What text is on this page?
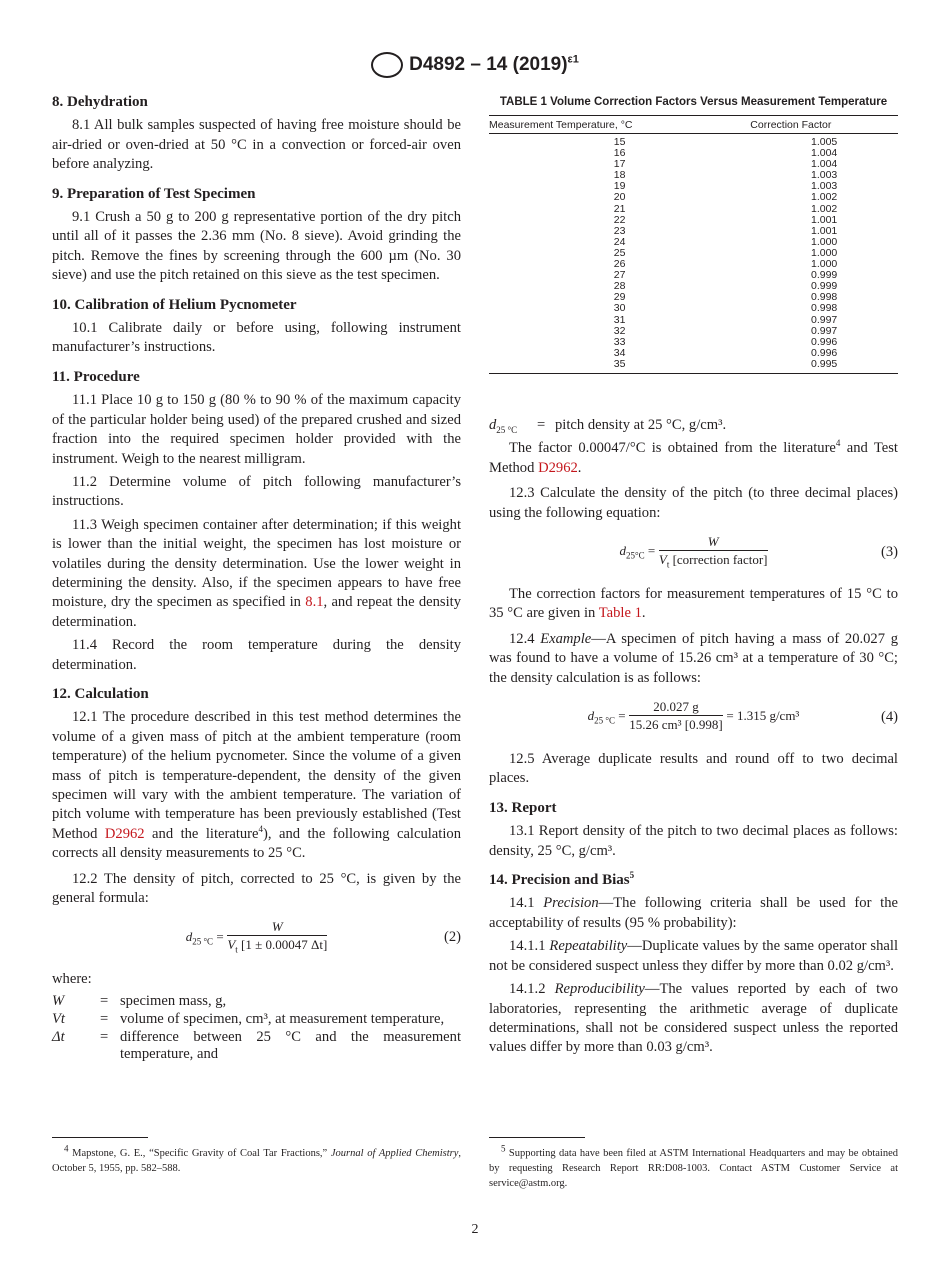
D4892 – 14 $(2019)^{\varepsilon 1}$
8. Dehydration

8.1 All bulk samples suspected of having free moisture should be air-dried or oven-dried at 50 °C in a convection or forced-air oven before analyzing.

9. Preparation of Test Specimen

9.1 Crush a 50 g to 200 g representative portion of the dry pitch until all of it passes the 2.36 mm (No. 8 sieve). Avoid grinding the pitch. Remove the fines by screening through the 600 µm (No. 30 sieve) and use the pitch retained on this sieve as the test specimen.

10. Calibration of Helium Pycnometer

10.1 Calibrate daily or before using, following instrument manufacturer’s instructions.

11. Procedure

11.1 Place 10 g to 150 g (80 % to 90 % of the maximum capacity of the particular holder being used) of the prepared crushed and sized fraction into the required specimen holder provided with the instrument. Weigh to the nearest milligram.

11.2 Determine volume of pitch following manufacturer’s instructions.

11.3 Weigh specimen container after determination; if this weight is lower than the initial weight, the specimen has lost moisture or volatiles during the density determination. Use the lower weight in determining the density. Also, if the specimen appears to have free moisture, dry the specimen as specified in 8.1, and repeat the density determination.

11.4 Record the room temperature during the density determination.

12. Calculation

12.1 The procedure described in this test method determines the volume of a given mass of pitch at the ambient temperature (room temperature) of the helium pycnometer. Since the volume of a given mass of pitch is temperature-dependent, the density of the given specimen will vary with the ambient temperature. The variation of pitch volume with temperature has been previously established (Test Method D2962 and the literature$^4$), and the following calculation corrects all density measurements to 25 °C.

12.2 The density of pitch, corrected to 25 °C, is given by the general formula:

$d_{25 ^\circ C} = \frac{W}{V_t [1 \pm 0.00047 \Delta t]}$	(2)
where:
W	=	specimen mass, g,
Vt	=	volume of specimen, cm³, at measurement temperature,
Δt	=	difference between 25 °C and the measurement temperature, and

$^4$ Mapstone, G. E., “Specific Gravity of Coal Tar Fractions,” Journal of Applied Chemistry, October 5, 1955, pp. 582–588.

TABLE 1 Volume Correction Factors Versus Measurement Temperature
Measurement Temperature, °C	Correction Factor
15	1.005
16	1.004
17	1.004
18	1.003
19	1.003
20	1.002
21	1.002
22	1.001
23	1.001
24	1.000
25	1.000
26	1.000
27	0.999
28	0.999
29	0.998
30	0.998
31	0.997
32	0.997
33	0.996
34	0.996
35	0.995
$d_{25 ^\circ C}$	= pitch density at 25 °C, g/cm³.

The factor 0.00047/°C is obtained from the literature$^4$ and Test Method D2962.

12.3 Calculate the density of the pitch (to three decimal places) using the following equation:

$d_{25^\circ C} = \frac{W}{V_t [correction factor]}$	(3)

The correction factors for measurement temperatures of 15 °C to 35 °C are given in Table 1.

12.4 Example—A specimen of pitch having a mass of 20.027 g was found to have a volume of 15.26 cm³ at a temperature of 30 °C; the density calculation is as follows:

$d_{25 ^\circ C} = \frac{20.027 g}{\text{15.26 cm³ [0.998]}} = 1.315$ g/cm³	(4)

12.5 Average duplicate results and round off to two decimal places.

13. Report

13.1 Report density of the pitch to two decimal places as follows: density, 25 °C, g/cm³.

14. Precision and Bias$^5$

14.1 Precision—The following criteria shall be used for the acceptability of results (95 % probability):

14.1.1 Repeatability—Duplicate values by the same operator shall not be considered suspect unless they differ by more than 0.02 g/cm³.

14.1.2 Reproducibility—The values reported by each of two laboratories, representing the arithmetic average of duplicate determinations, shall not be considered suspect unless the reported values differ by more than 0.03 g/cm³.

$^5$ Supporting data have been filed at ASTM International Headquarters and may be obtained by requesting Research Report RR:D08-1003. Contact ASTM Customer Service at service@astm.org.

2
